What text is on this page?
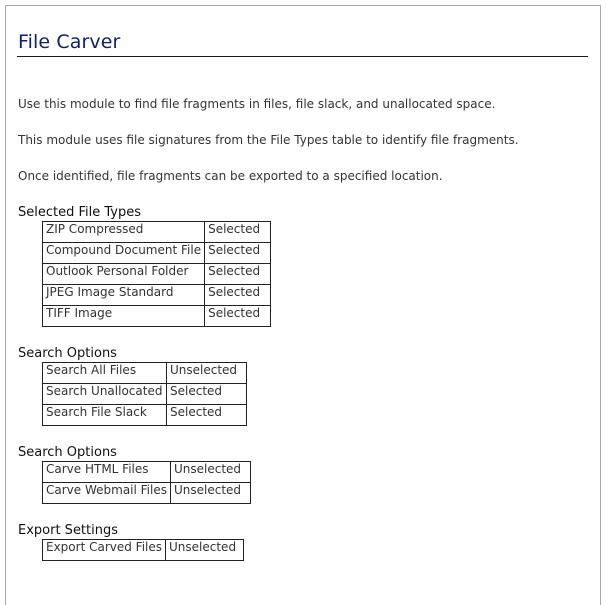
File Carver
Use this module to find file fragments in files, file slack, and unallocated space.
This module uses file signatures from the File Types table to identify file fragments.
Once identified, file fragments can be exported to a specified location.
Selected File Types
ZIP Compressed	Selected
Compound Document File	Selected
Outlook Personal Folder	Selected
JPEG Image Standard	Selected
TIFF Image	Selected
Search Options
Search All Files	Unselected
Search Unallocated	Selected
Search File Slack	Selected
Search Options
Carve HTML Files	Unselected
Carve Webmail Files	Unselected
Export Settings
Export Carved Files	Unselected
